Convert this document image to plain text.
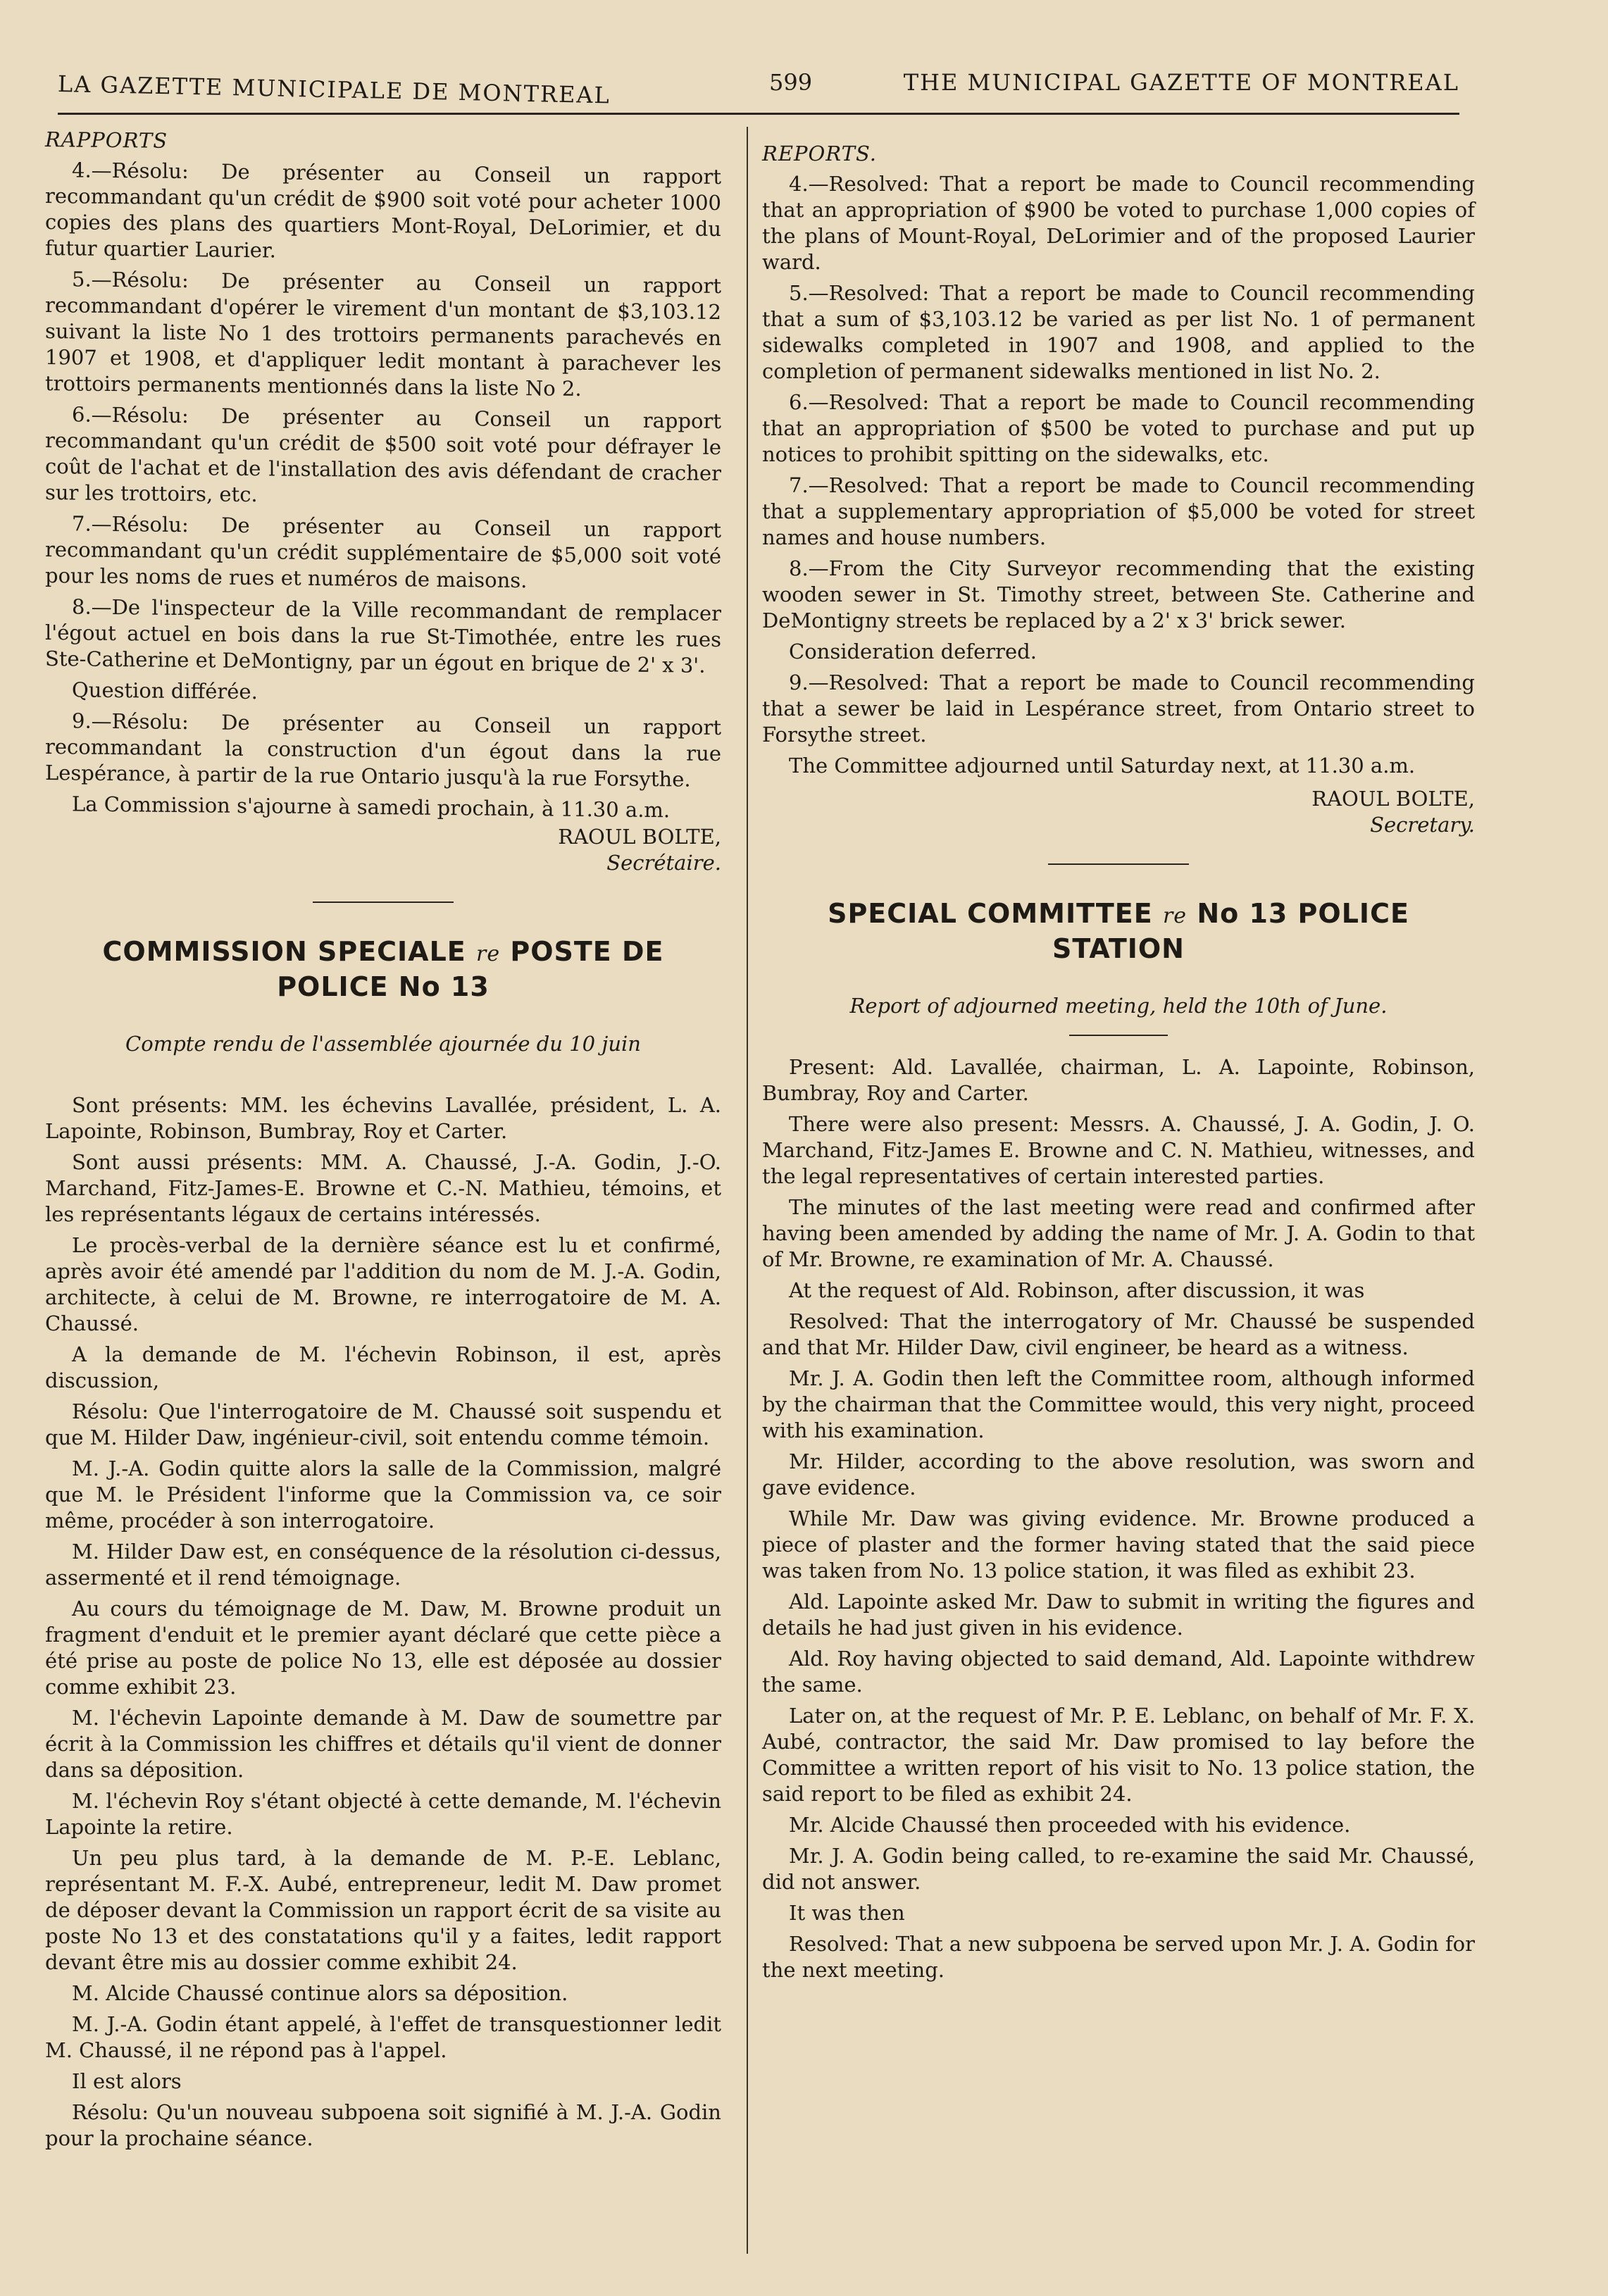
LA GAZETTE MUNICIPALE DE MONTREAL	599	THE MUNICIPAL GAZETTE OF MONTREAL

RAPPORTS

4.—Résolu: De présenter au Conseil un rapport recommandant qu'un crédit de $900 soit voté pour acheter 1000 copies des plans des quartiers Mont-Royal, DeLorimier, et du futur quartier Laurier.

5.—Résolu: De présenter au Conseil un rapport recommandant d'opérer le virement d'un montant de $3,103.12 suivant la liste No 1 des trottoirs permanents parachevés en 1907 et 1908, et d'appliquer ledit montant à parachever les trottoirs permanents mentionnés dans la liste No 2.

6.—Résolu: De présenter au Conseil un rapport recommandant qu'un crédit de $500 soit voté pour défrayer le coût de l'achat et de l'installation des avis défendant de cracher sur les trottoirs, etc.

7.—Résolu: De présenter au Conseil un rapport recommandant qu'un crédit supplémentaire de $5,000 soit voté pour les noms de rues et numéros de maisons.

8.—De l'inspecteur de la Ville recommandant de remplacer l'égout actuel en bois dans la rue St-Timothée, entre les rues Ste-Catherine et DeMontigny, par un égout en brique de 2' x 3'.

Question différée.

9.—Résolu: De présenter au Conseil un rapport recommandant la construction d'un égout dans la rue Lespérance, à partir de la rue Ontario jusqu'à la rue Forsythe.

La Commission s'ajourne à samedi prochain, à 11.30 a.m.

RAOUL BOLTE,

Secrétaire.

COMMISSION SPECIALE re POSTE DE POLICE No 13

Compte rendu de l'assemblée ajournée du 10 juin

Sont présents: MM. les échevins Lavallée, président, L. A. Lapointe, Robinson, Bumbray, Roy et Carter.

Sont aussi présents: MM. A. Chaussé, J.-A. Godin, J.-O. Marchand, Fitz-James-E. Browne et C.-N. Mathieu, témoins, et les représentants légaux de certains intéressés.

Le procès-verbal de la dernière séance est lu et confirmé, après avoir été amendé par l'addition du nom de M. J.-A. Godin, architecte, à celui de M. Browne, re interrogatoire de M. A. Chaussé.

A la demande de M. l'échevin Robinson, il est, après discussion,

Résolu: Que l'interrogatoire de M. Chaussé soit suspendu et que M. Hilder Daw, ingénieur-civil, soit entendu comme témoin.

M. J.-A. Godin quitte alors la salle de la Commission, malgré que M. le Président l'informe que la Commission va, ce soir même, procéder à son interrogatoire.

M. Hilder Daw est, en conséquence de la résolution ci-dessus, assermenté et il rend témoignage.

Au cours du témoignage de M. Daw, M. Browne produit un fragment d'enduit et le premier ayant déclaré que cette pièce a été prise au poste de police No 13, elle est déposée au dossier comme exhibit 23.

M. l'échevin Lapointe demande à M. Daw de soumettre par écrit à la Commission les chiffres et détails qu'il vient de donner dans sa déposition.

M. l'échevin Roy s'étant objecté à cette demande, M. l'échevin Lapointe la retire.

Un peu plus tard, à la demande de M. P.-E. Leblanc, représentant M. F.-X. Aubé, entrepreneur, ledit M. Daw promet de déposer devant la Commission un rapport écrit de sa visite au poste No 13 et des constatations qu'il y a faites, ledit rapport devant être mis au dossier comme exhibit 24.

M. Alcide Chaussé continue alors sa déposition.

M. J.-A. Godin étant appelé, à l'effet de transquestionner ledit M. Chaussé, il ne répond pas à l'appel.

Il est alors

Résolu: Qu'un nouveau subpoena soit signifié à M. J.-A. Godin pour la prochaine séance.

REPORTS.

4.—Resolved: That a report be made to Council recommending that an appropriation of $900 be voted to purchase 1,000 copies of the plans of Mount-Royal, DeLorimier and of the proposed Laurier ward.

5.—Resolved: That a report be made to Council recommending that a sum of $3,103.12 be varied as per list No. 1 of permanent sidewalks completed in 1907 and 1908, and applied to the completion of permanent sidewalks mentioned in list No. 2.

6.—Resolved: That a report be made to Council recommending that an appropriation of $500 be voted to purchase and put up notices to prohibit spitting on the sidewalks, etc.

7.—Resolved: That a report be made to Council recommending that a supplementary appropriation of $5,000 be voted for street names and house numbers.

8.—From the City Surveyor recommending that the existing wooden sewer in St. Timothy street, between Ste. Catherine and DeMontigny streets be replaced by a 2' x 3' brick sewer.

Consideration deferred.

9.—Resolved: That a report be made to Council recommending that a sewer be laid in Lespérance street, from Ontario street to Forsythe street.

The Committee adjourned until Saturday next, at 11.30 a.m.

RAOUL BOLTE,

Secretary.

SPECIAL COMMITTEE re No 13 POLICE STATION

Report of adjourned meeting, held the 10th of June.

Present: Ald. Lavallée, chairman, L. A. Lapointe, Robinson, Bumbray, Roy and Carter.

There were also present: Messrs. A. Chaussé, J. A. Godin, J. O. Marchand, Fitz-James E. Browne and C. N. Mathieu, witnesses, and the legal representatives of certain interested parties.

The minutes of the last meeting were read and confirmed after having been amended by adding the name of Mr. J. A. Godin to that of Mr. Browne, re examination of Mr. A. Chaussé.

At the request of Ald. Robinson, after discussion, it was

Resolved: That the interrogatory of Mr. Chaussé be suspended and that Mr. Hilder Daw, civil engineer, be heard as a witness.

Mr. J. A. Godin then left the Committee room, although informed by the chairman that the Committee would, this very night, proceed with his examination.

Mr. Hilder, according to the above resolution, was sworn and gave evidence.

While Mr. Daw was giving evidence. Mr. Browne produced a piece of plaster and the former having stated that the said piece was taken from No. 13 police station, it was filed as exhibit 23.

Ald. Lapointe asked Mr. Daw to submit in writing the figures and details he had just given in his evidence.

Ald. Roy having objected to said demand, Ald. Lapointe withdrew the same.

Later on, at the request of Mr. P. E. Leblanc, on behalf of Mr. F. X. Aubé, contractor, the said Mr. Daw promised to lay before the Committee a written report of his visit to No. 13 police station, the said report to be filed as exhibit 24.

Mr. Alcide Chaussé then proceeded with his evidence.

Mr. J. A. Godin being called, to re-examine the said Mr. Chaussé, did not answer.

It was then

Resolved: That a new subpoena be served upon Mr. J. A. Godin for the next meeting.
